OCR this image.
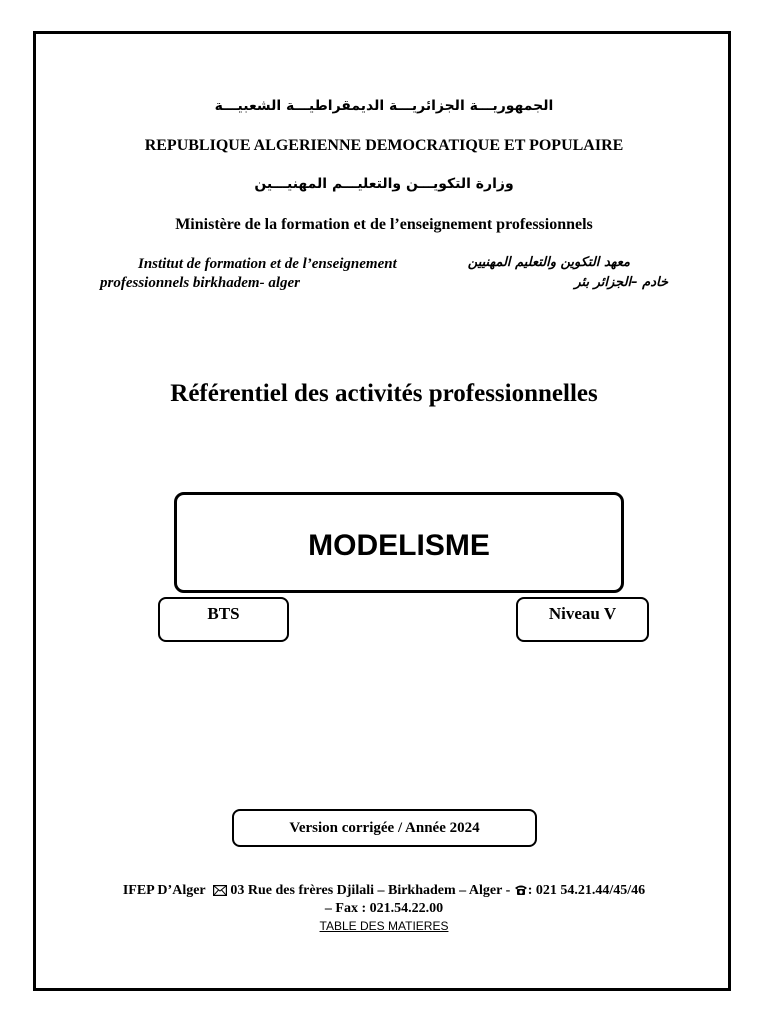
الجمهوريـــة الجزائريـــة الديمقراطيـــة الشعبيـــة
REPUBLIQUE ALGERIENNE DEMOCRATIQUE ET POPULAIRE
وزارة التكويـــن والتعليـــم المهنيـــين
Ministère de la formation et de l’enseignement professionnels
Institut de formation et de l’enseignement
professionnels birkhadem- alger
معهد التكوين والتعليم المهنيين
خادم –الجزائر بئر
Référentiel des activités professionnelles
MODELISME
BTS	Niveau V
Version corrigée / Année 2024
IFEP D’Alger 03 Rue des frères Djilali – Birkhadem – Alger - : 021 54.21.44/45/46
– Fax : 021.54.22.00
TABLE DES MATIERES
